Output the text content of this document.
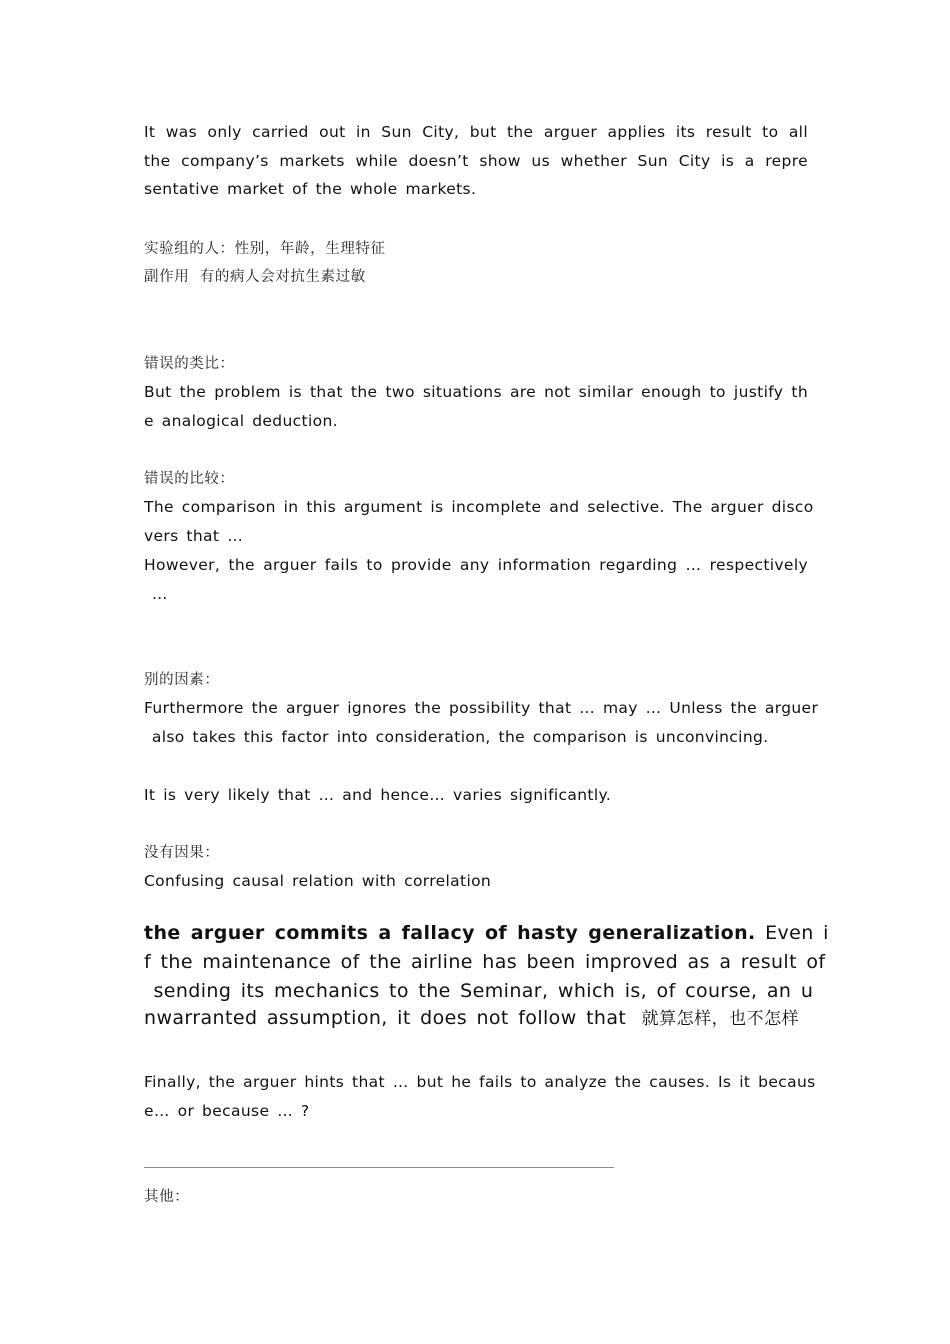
It was only carried out in Sun City, but the arguer applies its result to all
the company’s markets while doesn’t show us whether Sun City is a repre
sentative market of the whole markets.
实验组的人：性别，年龄，生理特征
副作用  有的病人会对抗生素过敏
错误的类比：
But the problem is that the two situations are not similar enough to justify th
e analogical deduction.
错误的比较：
The comparison in this argument is incomplete and selective. The arguer disco
vers that …
However, the arguer fails to provide any information regarding … respectively
…
别的因素：
Furthermore the arguer ignores the possibility that … may … Unless the arguer
also takes this factor into consideration, the comparison is unconvincing.
It is very likely that … and hence… varies significantly.
没有因果：
Confusing causal relation with correlation
the arguer commits a fallacy of hasty generalization. Even i
f the maintenance of the airline has been improved as a result of
sending its mechanics to the Seminar, which is, of course, an u
nwarranted assumption, it does not follow that  就算怎样，也不怎样
Finally, the arguer hints that … but he fails to analyze the causes. Is it becaus
e… or because … ?
其他：
